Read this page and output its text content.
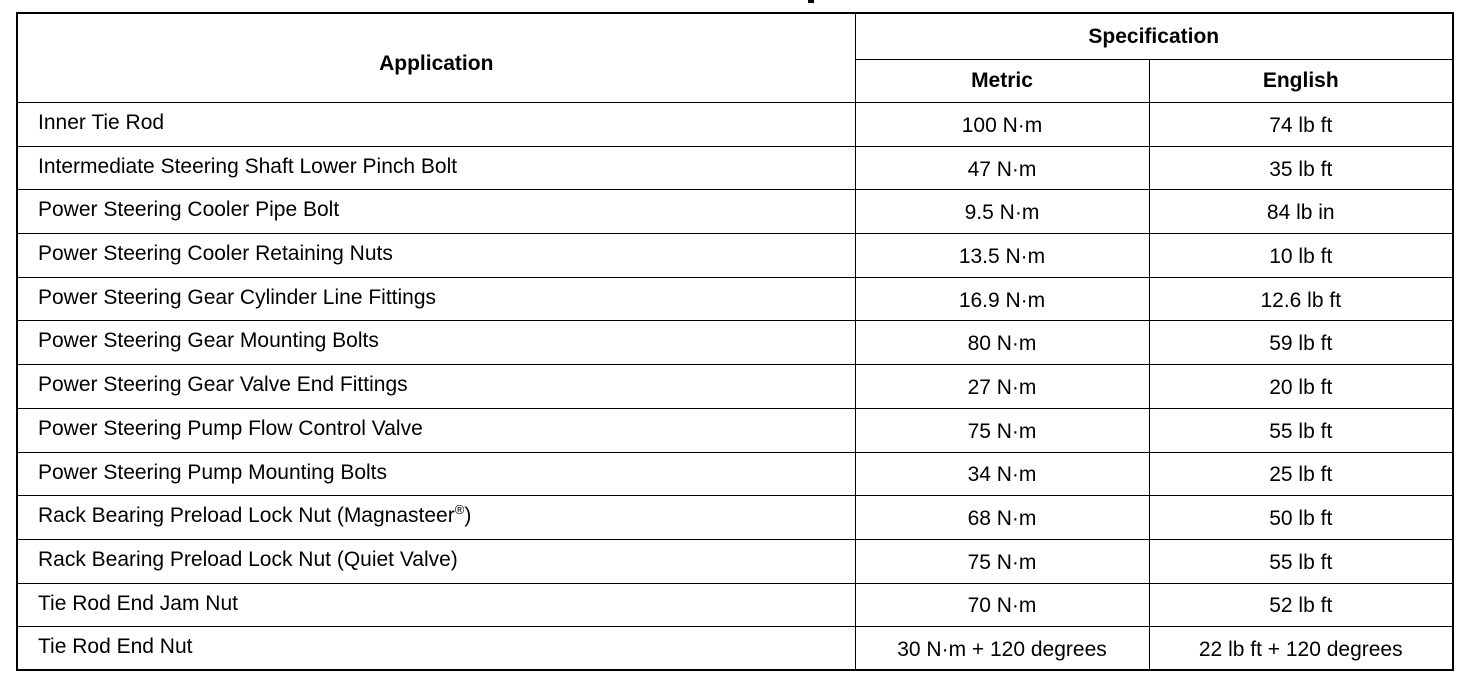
Application	Specification	
	Metric	English
Inner Tie Rod	100 N·m	74 lb ft
Intermediate Steering Shaft Lower Pinch Bolt	47 N·m	35 lb ft
Power Steering Cooler Pipe Bolt	9.5 N·m	84 lb in
Power Steering Cooler Retaining Nuts	13.5 N·m	10 lb ft
Power Steering Gear Cylinder Line Fittings	16.9 N·m	12.6 lb ft
Power Steering Gear Mounting Bolts	80 N·m	59 lb ft
Power Steering Gear Valve End Fittings	27 N·m	20 lb ft
Power Steering Pump Flow Control Valve	75 N·m	55 lb ft
Power Steering Pump Mounting Bolts	34 N·m	25 lb ft
Rack Bearing Preload Lock Nut (Magnasteer®)	68 N·m	50 lb ft
Rack Bearing Preload Lock Nut (Quiet Valve)	75 N·m	55 lb ft
Tie Rod End Jam Nut	70 N·m	52 lb ft
Tie Rod End Nut	30 N·m + 120 degrees	22 lb ft + 120 degrees
